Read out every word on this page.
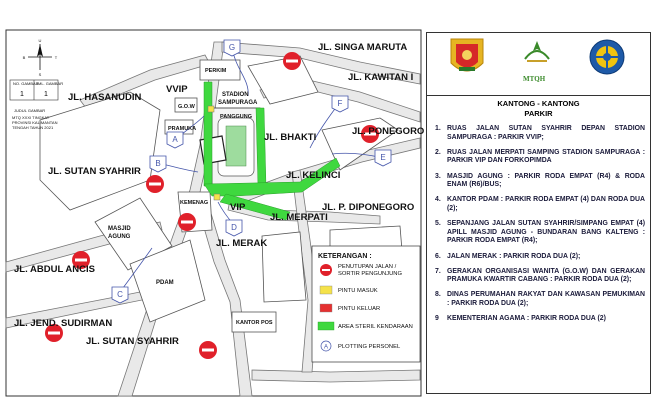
G
A
B
C
D
E
F
JL. SINGA MARUTA
JL. KAWITAN I
JL. HASANUDIN
JL. BHAKTI
JL. PONEGORO
JL. KELINCI
JL. SUTAN SYAHRIR
JL. P. DIPONEGORO
JL. MERPATI
JL. MERAK
JL. ABDUL ANCIS
JL. JEND. SUDIRMAN
JL. SUTAN SYAHRIR
VVIP
VIP
PERKIM
G.O.W
PRAMUKA
STADION
SAMPURAGA
PANGGUNG
KEMENAG
MASJID
AGUNG
PDAM
KANTOR POS
U
S
T
B
NO. GAMBAR
JML. GAMBAR
1	1
JUDUL GAMBAR
MTQ XXXI TINGKAT
PROVINSI KALIMANTAN
TENGAH TAHUN 2021
KETERANGAN :
PENUTUPAN JALAN /
SORTIR PENGUNJUNG
PINTU MASUK
PINTU KELUAR
AREA STERIL KENDARAAN
A PLOTTING PERSONEL
MTQH
KANTONG - KANTONG
PARKIR
1. RUAS JALAN SUTAN SYAHRIR DEPAN STADION SAMPURAGA : PARKIR VVIP;
2. RUAS JALAN MERPATI SAMPING STADION SAMPURAGA : PARKIR VIP DAN FORKOPIMDA
3. MASJID AGUNG : PARKIR RODA EMPAT (R4) & RODA ENAM (R6)/BUS;
4. KANTOR PDAM : PARKIR RODA EMPAT (4) DAN RODA DUA (2);
5. SEPANJANG JALAN SUTAN SYAHRIR/SIMPANG EMPAT (4) APILL MASJID AGUNG - BUNDARAN BANG KALTENG : PARKIR RODA EMPAT (R4);
6. JALAN MERAK : PARKIR RODA DUA (2);
7. GERAKAN ORGANISASI WANITA (G.O.W) DAN GERAKAN PRAMUKA KWARTIR CABANG : PARKIR RODA DUA (2);
8. DINAS PERUMAHAN RAKYAT DAN KAWASAN PEMUKIMAN : PARKIR RODA DUA (2);
9	KEMENTERIAN AGAMA : PARKIR RODA DUA (2)
